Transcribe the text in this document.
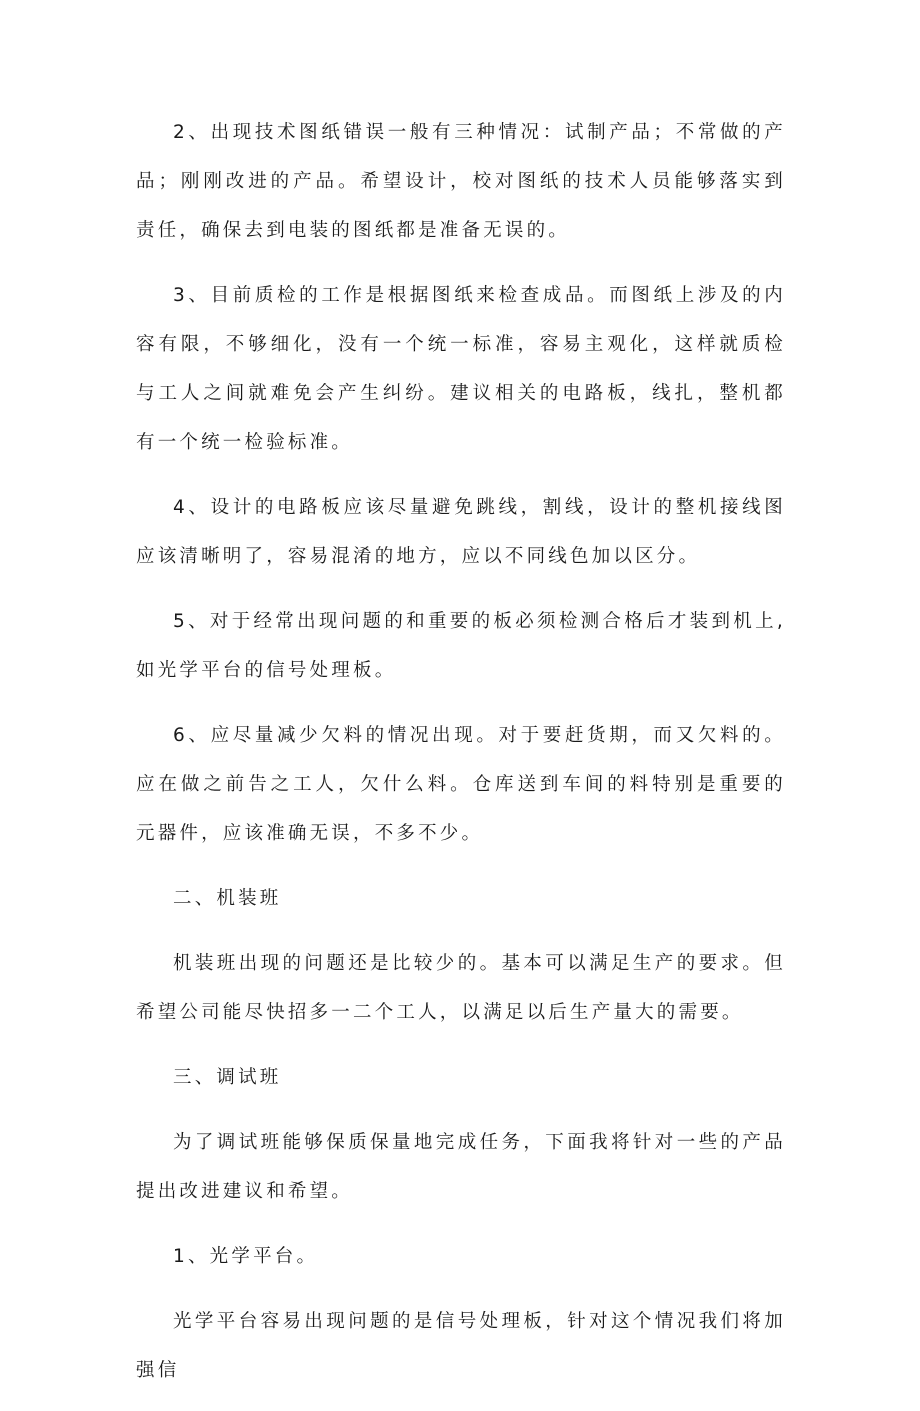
2、出现技术图纸错误一般有三种情况：试制产品；不常做的产品；刚刚改进的产品。希望设计，校对图纸的技术人员能够落实到责任，确保去到电装的图纸都是准备无误的。

3、目前质检的工作是根据图纸来检查成品。而图纸上涉及的内容有限，不够细化，没有一个统一标准，容易主观化，这样就质检与工人之间就难免会产生纠纷。建议相关的电路板，线扎，整机都有一个统一检验标准。

4、设计的电路板应该尽量避免跳线，割线，设计的整机接线图应该清晰明了，容易混淆的地方，应以不同线色加以区分。

5、对于经常出现问题的和重要的板必须检测合格后才装到机上,如光学平台的信号处理板。

6、应尽量减少欠料的情况出现。对于要赶货期，而又欠料的。应在做之前告之工人，欠什么料。仓库送到车间的料特别是重要的元器件，应该准确无误，不多不少。

二、机装班

机装班出现的问题还是比较少的。基本可以满足生产的要求。但希望公司能尽快招多一二个工人，以满足以后生产量大的需要。

三、调试班

为了调试班能够保质保量地完成任务，下面我将针对一些的产品提出改进建议和希望。

1、光学平台。

光学平台容易出现问题的是信号处理板，针对这个情况我们将加强信
